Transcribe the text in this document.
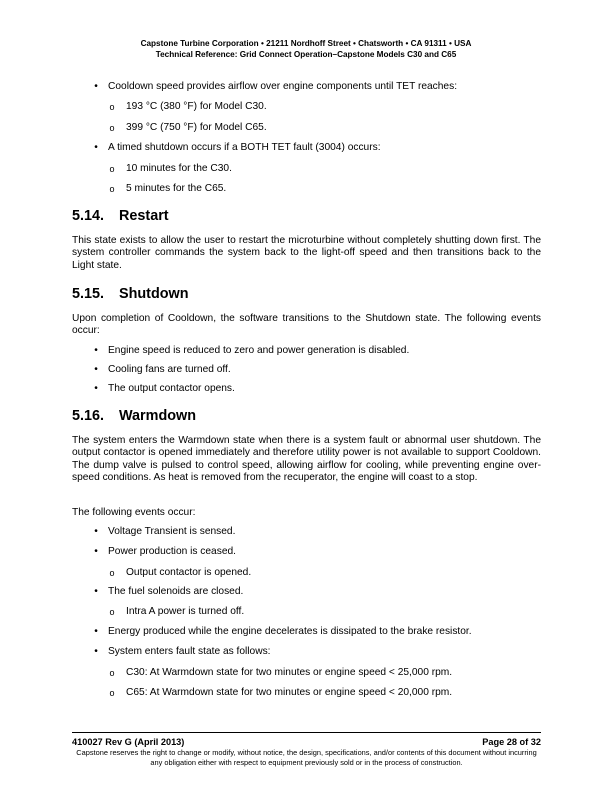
Capstone Turbine Corporation • 21211 Nordhoff Street • Chatsworth • CA 91311 • USA
Technical Reference: Grid Connect Operation–Capstone Models C30 and C65
• Cooldown speed provides airflow over engine components until TET reaches:
o 193 °C (380 °F) for Model C30.
o 399 °C (750 °F) for Model C65.
• A timed shutdown occurs if a BOTH TET fault (3004) occurs:
o 10 minutes for the C30.
o 5 minutes for the C65.
5.14. Restart
This state exists to allow the user to restart the microturbine without completely shutting down first. The system controller commands the system back to the light-off speed and then transitions back to the Light state.
5.15. Shutdown
Upon completion of Cooldown, the software transitions to the Shutdown state. The following events occur:
• Engine speed is reduced to zero and power generation is disabled.
• Cooling fans are turned off.
• The output contactor opens.
5.16. Warmdown
The system enters the Warmdown state when there is a system fault or abnormal user shutdown. The output contactor is opened immediately and therefore utility power is not available to support Cooldown. The dump valve is pulsed to control speed, allowing airflow for cooling, while preventing engine over-speed conditions. As heat is removed from the recuperator, the engine will coast to a stop.
The following events occur:
• Voltage Transient is sensed.
• Power production is ceased.
o Output contactor is opened.
• The fuel solenoids are closed.
o Intra A power is turned off.
• Energy produced while the engine decelerates is dissipated to the brake resistor.
• System enters fault state as follows:
o C30: At Warmdown state for two minutes or engine speed < 25,000 rpm.
o C65: At Warmdown state for two minutes or engine speed < 20,000 rpm.
410027 Rev G (April 2013)	Page 28 of 32
Capstone reserves the right to change or modify, without notice, the design, specifications, and/or contents of this document without incurring any obligation either with respect to equipment previously sold or in the process of construction.
